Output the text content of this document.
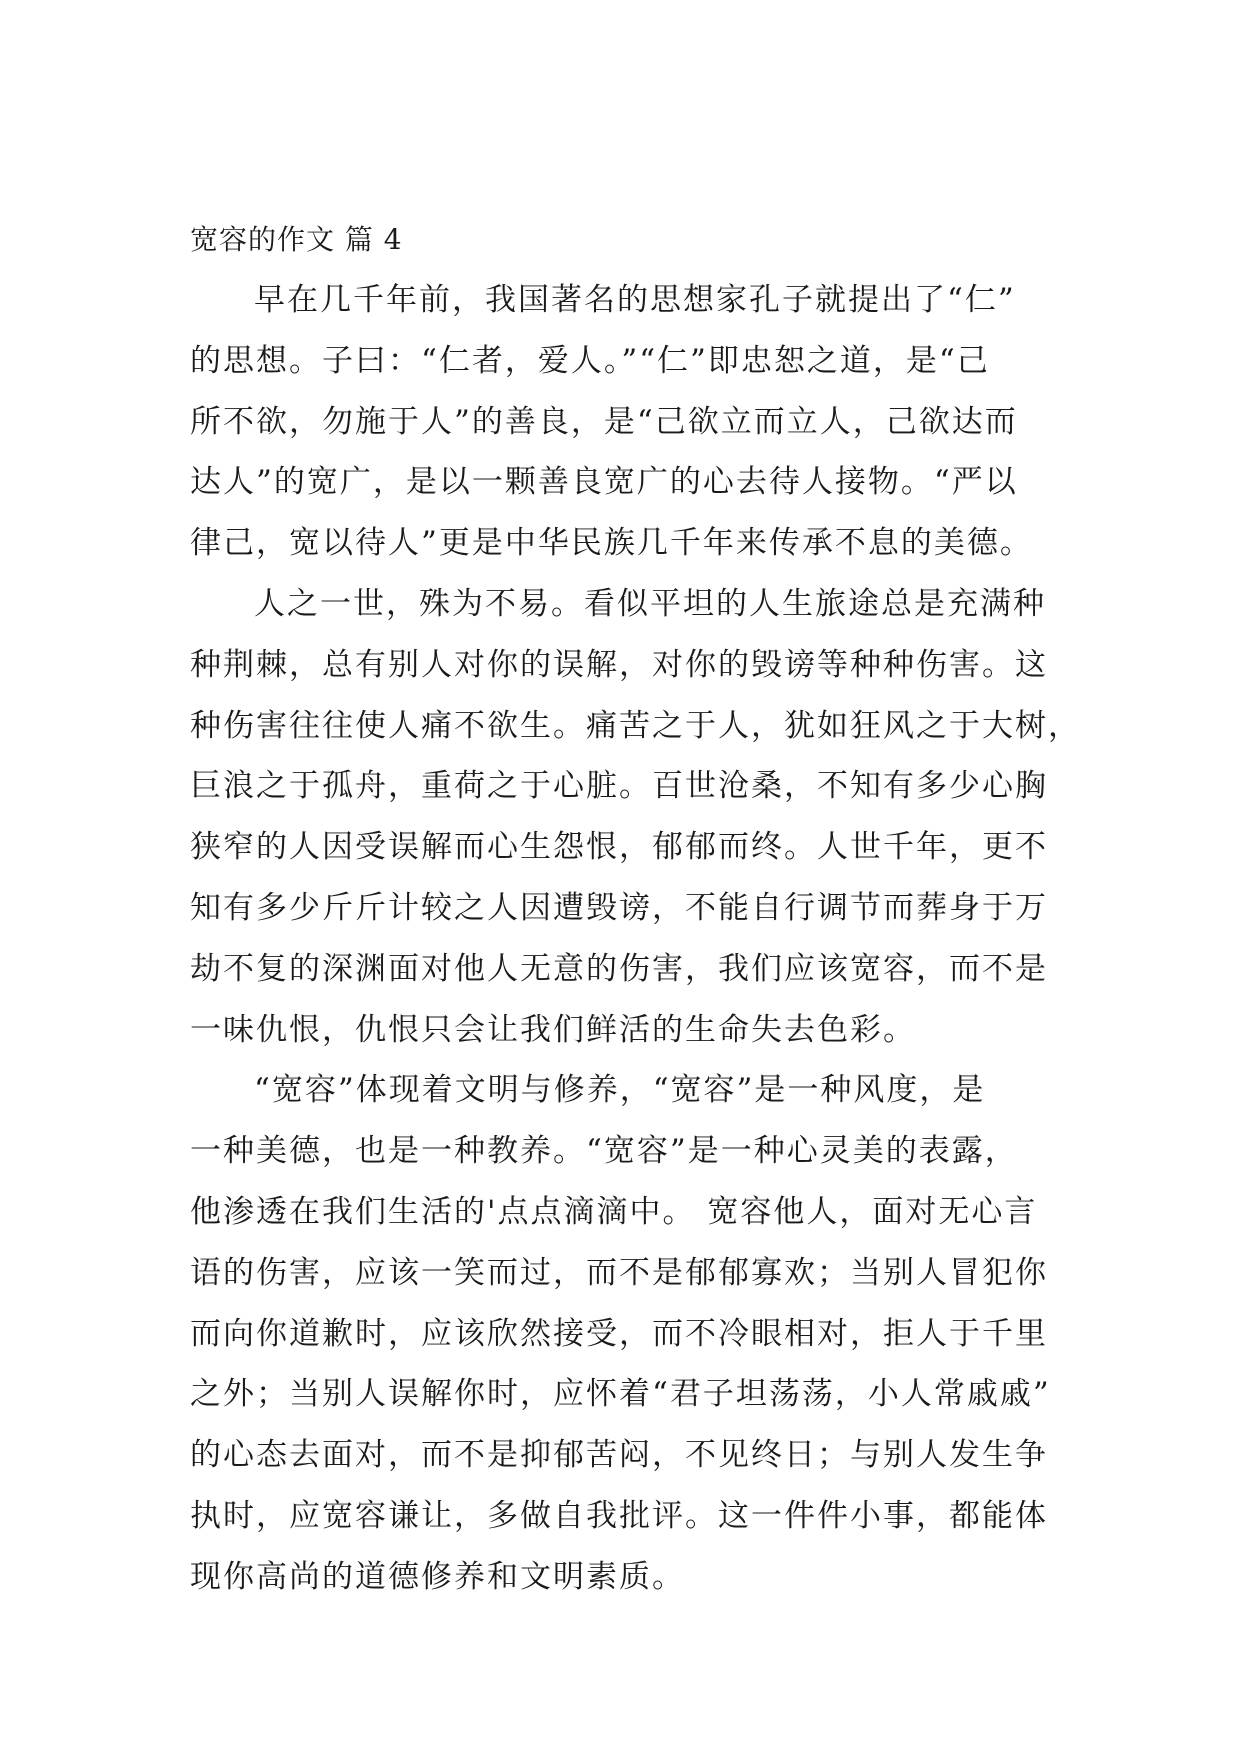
宽容的作文 篇 4
早在几千年前，我国著名的思想家孔子就提出了“仁”
的思想。子曰：“仁者，爱人。”“仁”即忠恕之道，是“己
所不欲，勿施于人”的善良，是“己欲立而立人，己欲达而
达人”的宽广，是以一颗善良宽广的心去待人接物。“严以
律己，宽以待人”更是中华民族几千年来传承不息的美德。
人之一世，殊为不易。看似平坦的人生旅途总是充满种
种荆棘，总有别人对你的误解，对你的毁谤等种种伤害。这
种伤害往往使人痛不欲生。痛苦之于人，犹如狂风之于大树，
巨浪之于孤舟，重荷之于心脏。百世沧桑，不知有多少心胸
狭窄的人因受误解而心生怨恨，郁郁而终。人世千年，更不
知有多少斤斤计较之人因遭毁谤，不能自行调节而葬身于万
劫不复的深渊面对他人无意的伤害，我们应该宽容，而不是
一味仇恨，仇恨只会让我们鲜活的生命失去色彩。
“宽容”体现着文明与修养，“宽容”是一种风度，是
一种美德，也是一种教养。“宽容”是一种心灵美的表露，
他渗透在我们生活的'点点滴滴中。 宽容他人，面对无心言
语的伤害，应该一笑而过，而不是郁郁寡欢；当别人冒犯你
而向你道歉时，应该欣然接受，而不冷眼相对，拒人于千里
之外；当别人误解你时，应怀着“君子坦荡荡，小人常戚戚”
的心态去面对，而不是抑郁苦闷，不见终日；与别人发生争
执时，应宽容谦让，多做自我批评。这一件件小事，都能体
现你高尚的道德修养和文明素质。
